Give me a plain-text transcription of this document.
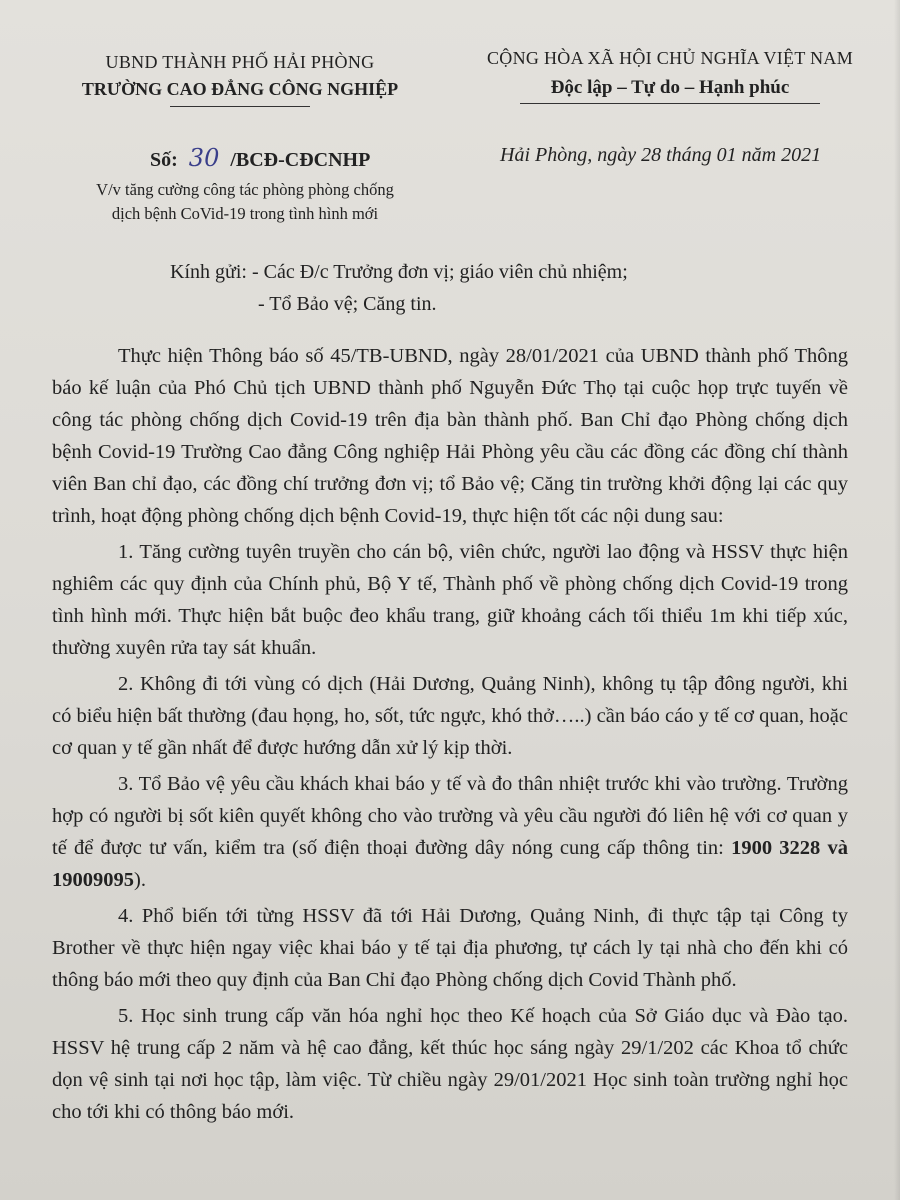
UBND THÀNH PHỐ HẢI PHÒNG
TRƯỜNG CAO ĐẲNG CÔNG NGHIỆP
CỘNG HÒA XÃ HỘI CHỦ NGHĨA VIỆT NAM
Độc lập – Tự do – Hạnh phúc
Số: 30 /BCĐ-CĐCNHP
V/v tăng cường công tác phòng phòng chống
dịch bệnh CoVid-19 trong tình hình mới
Hải Phòng, ngày 28 tháng 01 năm 2021
Kính gửi: - Các Đ/c Trưởng đơn vị; giáo viên chủ nhiệm;
- Tổ Bảo vệ; Căng tin.

Thực hiện Thông báo số 45/TB-UBND, ngày 28/01/2021 của UBND thành phố Thông báo kế luận của Phó Chủ tịch UBND thành phố Nguyễn Đức Thọ tại cuộc họp trực tuyến về công tác phòng chống dịch Covid-19 trên địa bàn thành phố. Ban Chỉ đạo Phòng chống dịch bệnh Covid-19 Trường Cao đẳng Công nghiệp Hải Phòng yêu cầu các đồng các đồng chí thành viên Ban chỉ đạo, các đồng chí trưởng đơn vị; tổ Bảo vệ; Căng tin trường khởi động lại các quy trình, hoạt động phòng chống dịch bệnh Covid-19, thực hiện tốt các nội dung sau:

1. Tăng cường tuyên truyền cho cán bộ, viên chức, người lao động và HSSV thực hiện nghiêm các quy định của Chính phủ, Bộ Y tế, Thành phố về phòng chống dịch Covid-19 trong tình hình mới. Thực hiện bắt buộc đeo khẩu trang, giữ khoảng cách tối thiểu 1m khi tiếp xúc, thường xuyên rửa tay sát khuẩn.

2. Không đi tới vùng có dịch (Hải Dương, Quảng Ninh), không tụ tập đông người, khi có biểu hiện bất thường (đau họng, ho, sốt, tức ngực, khó thở…..) cần báo cáo y tế cơ quan, hoặc cơ quan y tế gần nhất để được hướng dẫn xử lý kịp thời.

3. Tổ Bảo vệ yêu cầu khách khai báo y tế và đo thân nhiệt trước khi vào trường. Trường hợp có người bị sốt kiên quyết không cho vào trường và yêu cầu người đó liên hệ với cơ quan y tế để được tư vấn, kiểm tra (số điện thoại đường dây nóng cung cấp thông tin: 1900 3228 và 19009095).

4. Phổ biến tới từng HSSV đã tới Hải Dương, Quảng Ninh, đi thực tập tại Công ty Brother về thực hiện ngay việc khai báo y tế tại địa phương, tự cách ly tại nhà cho đến khi có thông báo mới theo quy định của Ban Chỉ đạo Phòng chống dịch Covid Thành phố.

5. Học sinh trung cấp văn hóa nghỉ học theo Kế hoạch của Sở Giáo dục và Đào tạo. HSSV hệ trung cấp 2 năm và hệ cao đẳng, kết thúc học sáng ngày 29/1/202 các Khoa tổ chức dọn vệ sinh tại nơi học tập, làm việc. Từ chiều ngày 29/01/2021 Học sinh toàn trường nghỉ học cho tới khi có thông báo mới.
